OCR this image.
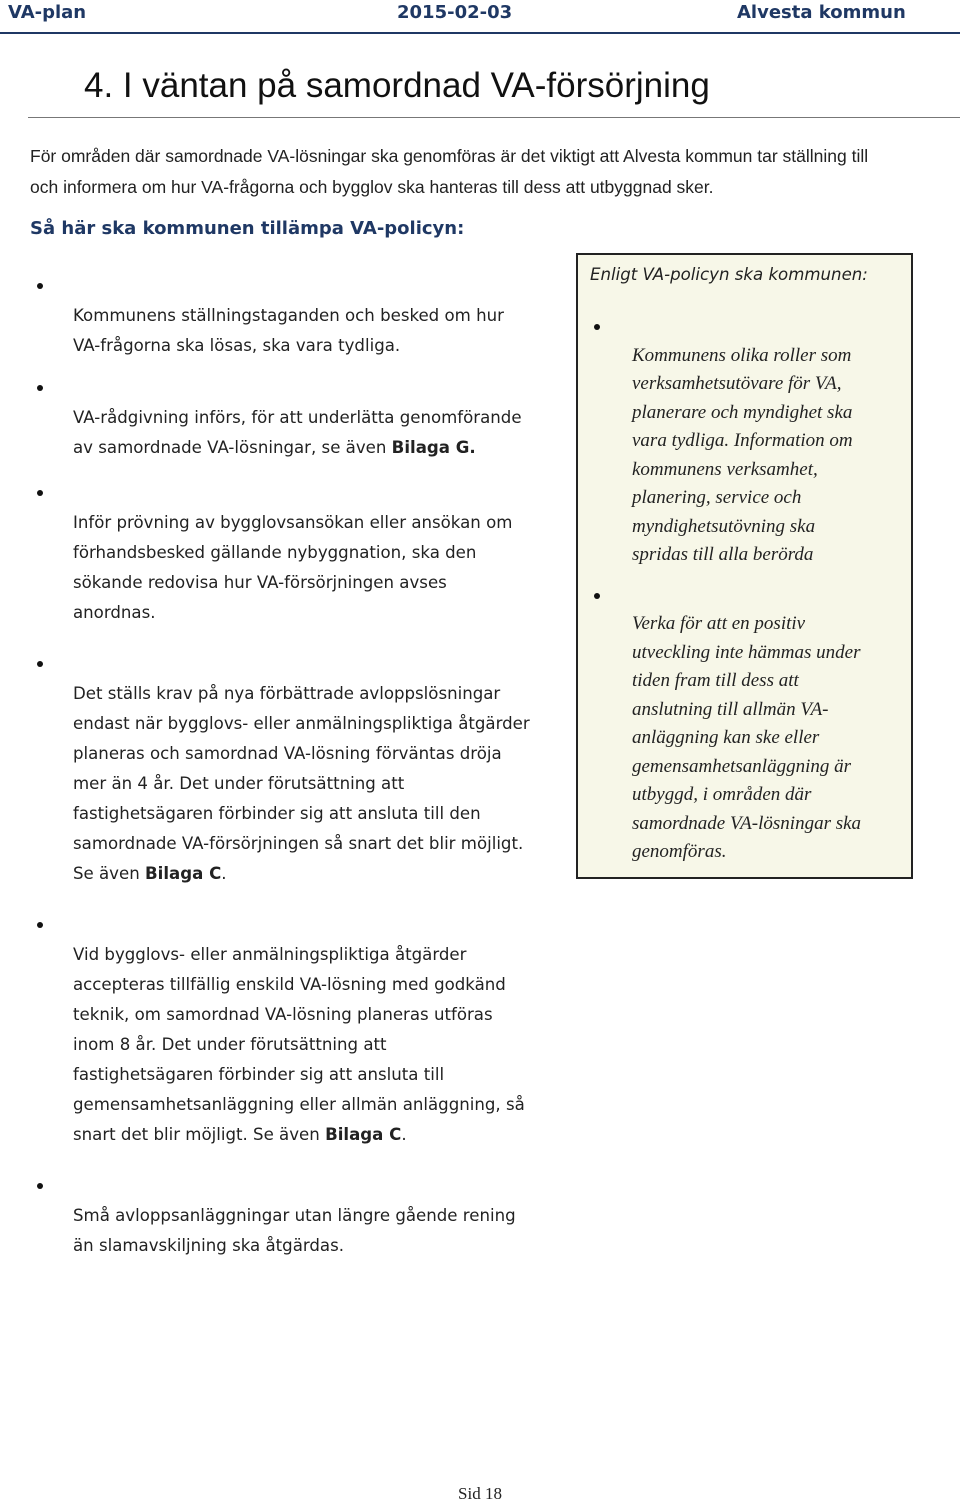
VA-plan	2015-02-03	Alvesta kommun
4. I väntan på samordnad VA-försörjning
För områden där samordnade VA-lösningar ska genomföras är det viktigt att Alvesta kommun tar ställning till
och informera om hur VA-frågorna och bygglov ska hanteras till dess att utbyggnad sker.
Så här ska kommunen tillämpa VA-policyn:

Kommunens ställningstaganden och besked om hur
VA-frågorna ska lösas, ska vara tydliga.

VA-rådgivning införs, för att underlätta genomförande
av samordnade VA-lösningar, se även Bilaga G.

Inför prövning av bygglovsansökan eller ansökan om
förhandsbesked gällande nybyggnation, ska den
sökande redovisa hur VA-försörjningen avses
anordnas.

Det ställs krav på nya förbättrade avloppslösningar
endast när bygglovs- eller anmälningspliktiga åtgärder
planeras och samordnad VA-lösning förväntas dröja
mer än 4 år. Det under förutsättning att
fastighetsägaren förbinder sig att ansluta till den
samordnade VA-försörjningen så snart det blir möjligt.
Se även Bilaga C.

Vid bygglovs- eller anmälningspliktiga åtgärder
accepteras tillfällig enskild VA-lösning med godkänd
teknik, om samordnad VA-lösning planeras utföras
inom 8 år. Det under förutsättning att
fastighetsägaren förbinder sig att ansluta till
gemensamhetsanläggning eller allmän anläggning, så
snart det blir möjligt. Se även Bilaga C.

Små avloppsanläggningar utan längre gående rening
än slamavskiljning ska åtgärdas.

Enligt VA-policyn ska kommunen:

Kommunens olika roller som
verksamhetsutövare för VA,
planerare och myndighet ska
vara tydliga. Information om
kommunens verksamhet,
planering, service och
myndighetsutövning ska
spridas till alla berörda

Verka för att en positiv
utveckling inte hämmas under
tiden fram till dess att
anslutning till allmän VA-
anläggning kan ske eller
gemensamhetsanläggning är
utbyggd, i områden där
samordnade VA-lösningar ska
genomföras.

Sid 18
